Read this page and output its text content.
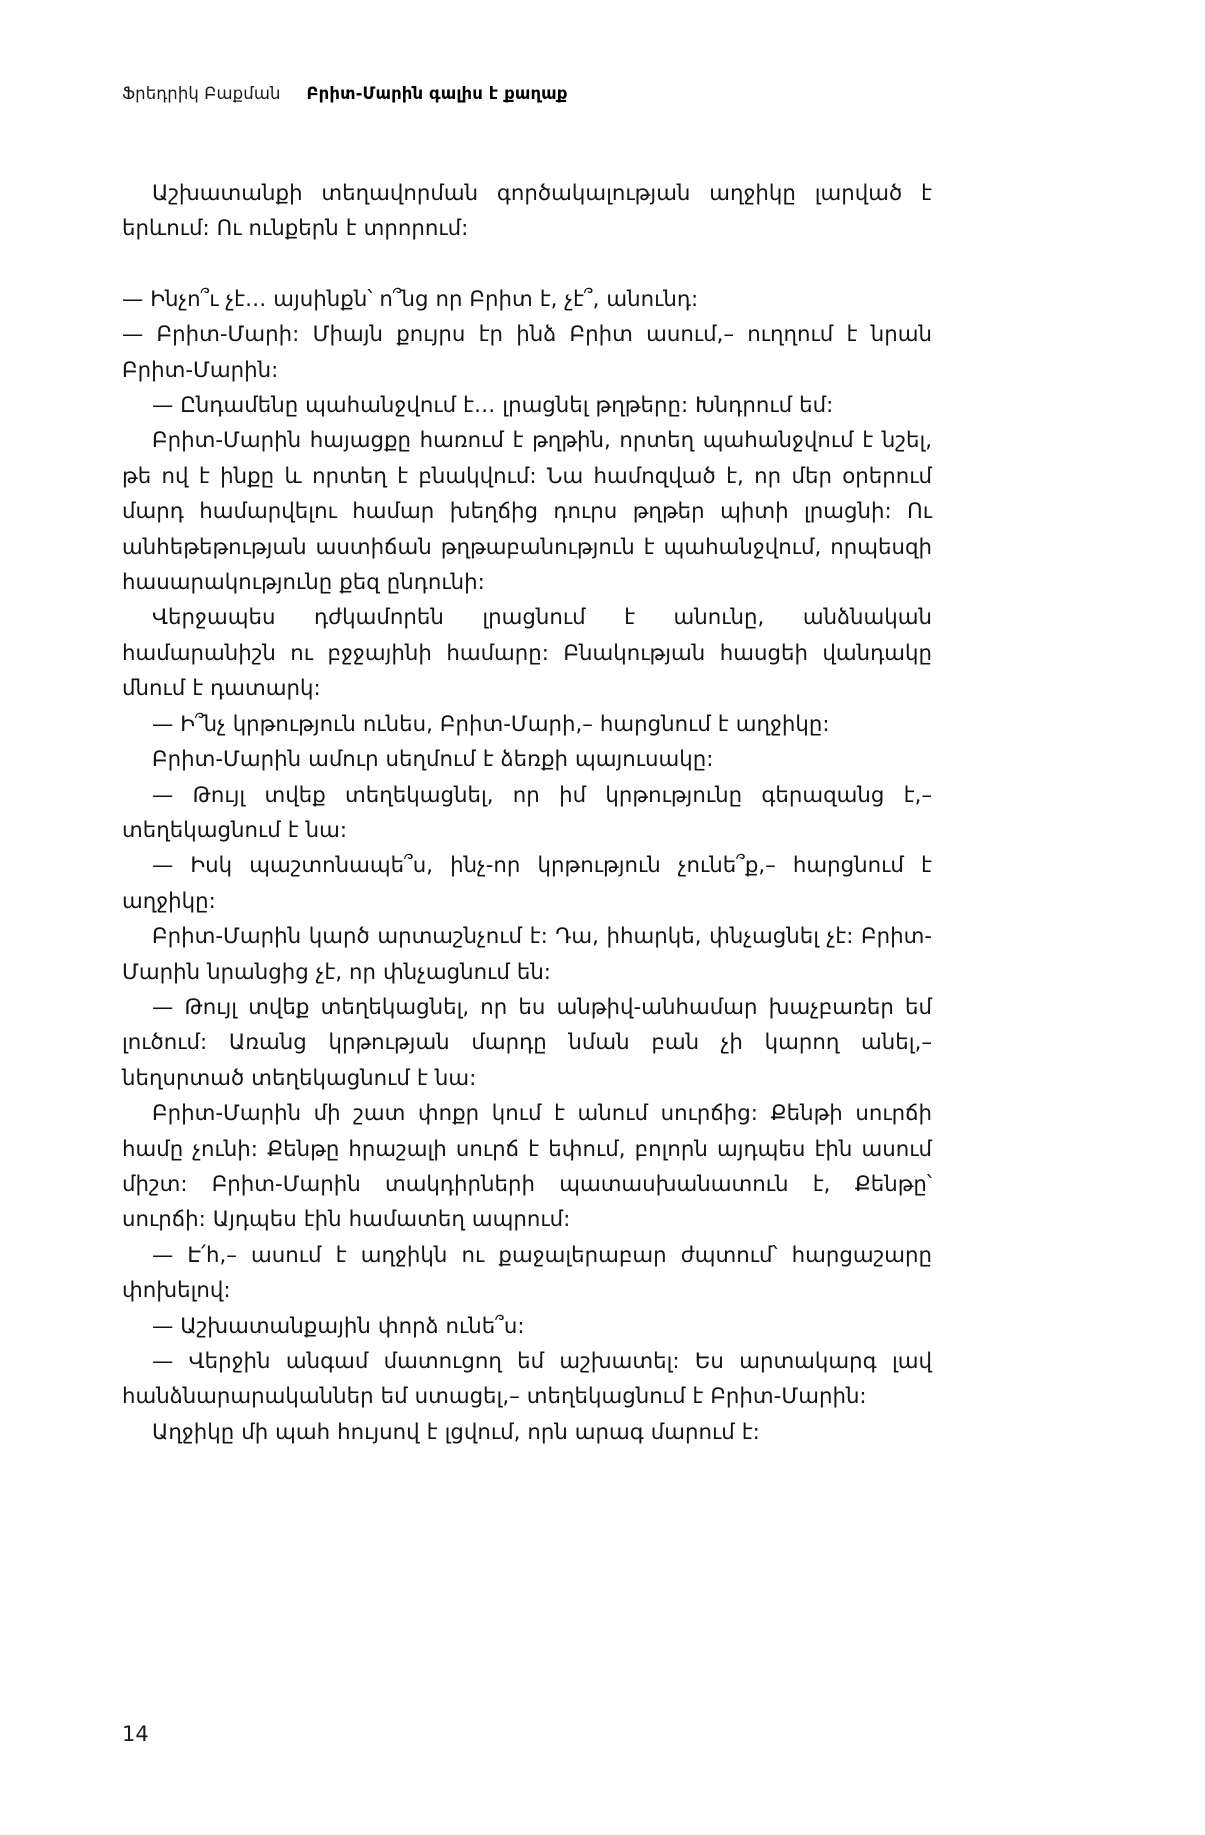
Ֆրեդրիկ Բաքման Բրիտ-Մարին գալիս է քաղաք

Աշխատանքի տեղավորման գործակալության աղջիկը լարված է երևում: Ու ունքերն է տրորում:

— Ինչո՞ւ չէ… այսինքն՝ ո՞նց որ Բրիտ է, չէ՞, անունդ:

— Բրիտ-Մարի: Միայն քույրս էր ինձ Բրիտ ասում,– ուղղում է նրան Բրիտ-Մարին:

— Ընդամենը պահանջվում է… լրացնել թղթերը: Խնդրում եմ:

Բրիտ-Մարին հայացքը հառում է թղթին, որտեղ պահանջվում է նշել, թե ով է ինքը և որտեղ է բնակվում: Նա համոզված է, որ մեր օրերում մարդ համարվելու համար խեղճից դուրս թղթեր պիտի լրացնի: Ու անհեթեթության աստիճան թղթաբանություն է պահանջվում, որպեսզի հասարակությունը քեզ ընդունի:

Վերջապես դժկամորեն լրացնում է անունը, անձնական համարանիշն ու բջջայինի համարը: Բնակության հասցեի վանդակը մնում է դատարկ:

— Ի՞նչ կրթություն ունես, Բրիտ-Մարի,– հարցնում է աղջիկը:

Բրիտ-Մարին ամուր սեղմում է ձեռքի պայուսակը:

— Թույլ տվեք տեղեկացնել, որ իմ կրթությունը գերազանց է,– տեղեկացնում է նա:

— Իսկ պաշտոնապե՞ս, ինչ-որ կրթություն չունե՞ք,– հարցնում է աղջիկը:

Բրիտ-Մարին կարծ արտաշնչում է: Դա, իհարկե, փնչացնել չէ: Բրիտ-Մարին նրանցից չէ, որ փնչացնում են:

— Թույլ տվեք տեղեկացնել, որ ես անթիվ-անհամար խաչբառեր եմ լուծում: Առանց կրթության մարդը նման բան չի կարող անել,– նեղսրտած տեղեկացնում է նա:

Բրիտ-Մարին մի շատ փոքր կում է անում սուրճից: Քենթի սուրճի համը չունի: Քենթը հրաշալի սուրճ է եփում, բոլորն այդպես էին ասում միշտ: Բրիտ-Մարին տակդիրների պատասխանատուն է, Քենթը՝ սուրճի: Այդպես էին համատեղ ապրում:

— Է՛հ,– ասում է աղջիկն ու քաջալերաբար ժպտում՝ հարցաշարը փոխելով:

— Աշխատանքային փորձ ունե՞ս:

— Վերջին անգամ մատուցող եմ աշխատել: Ես արտակարգ լավ հանձնարարականներ եմ ստացել,– տեղեկացնում է Բրիտ-Մարին:

Աղջիկը մի պահ հույսով է լցվում, որն արագ մարում է:

14
